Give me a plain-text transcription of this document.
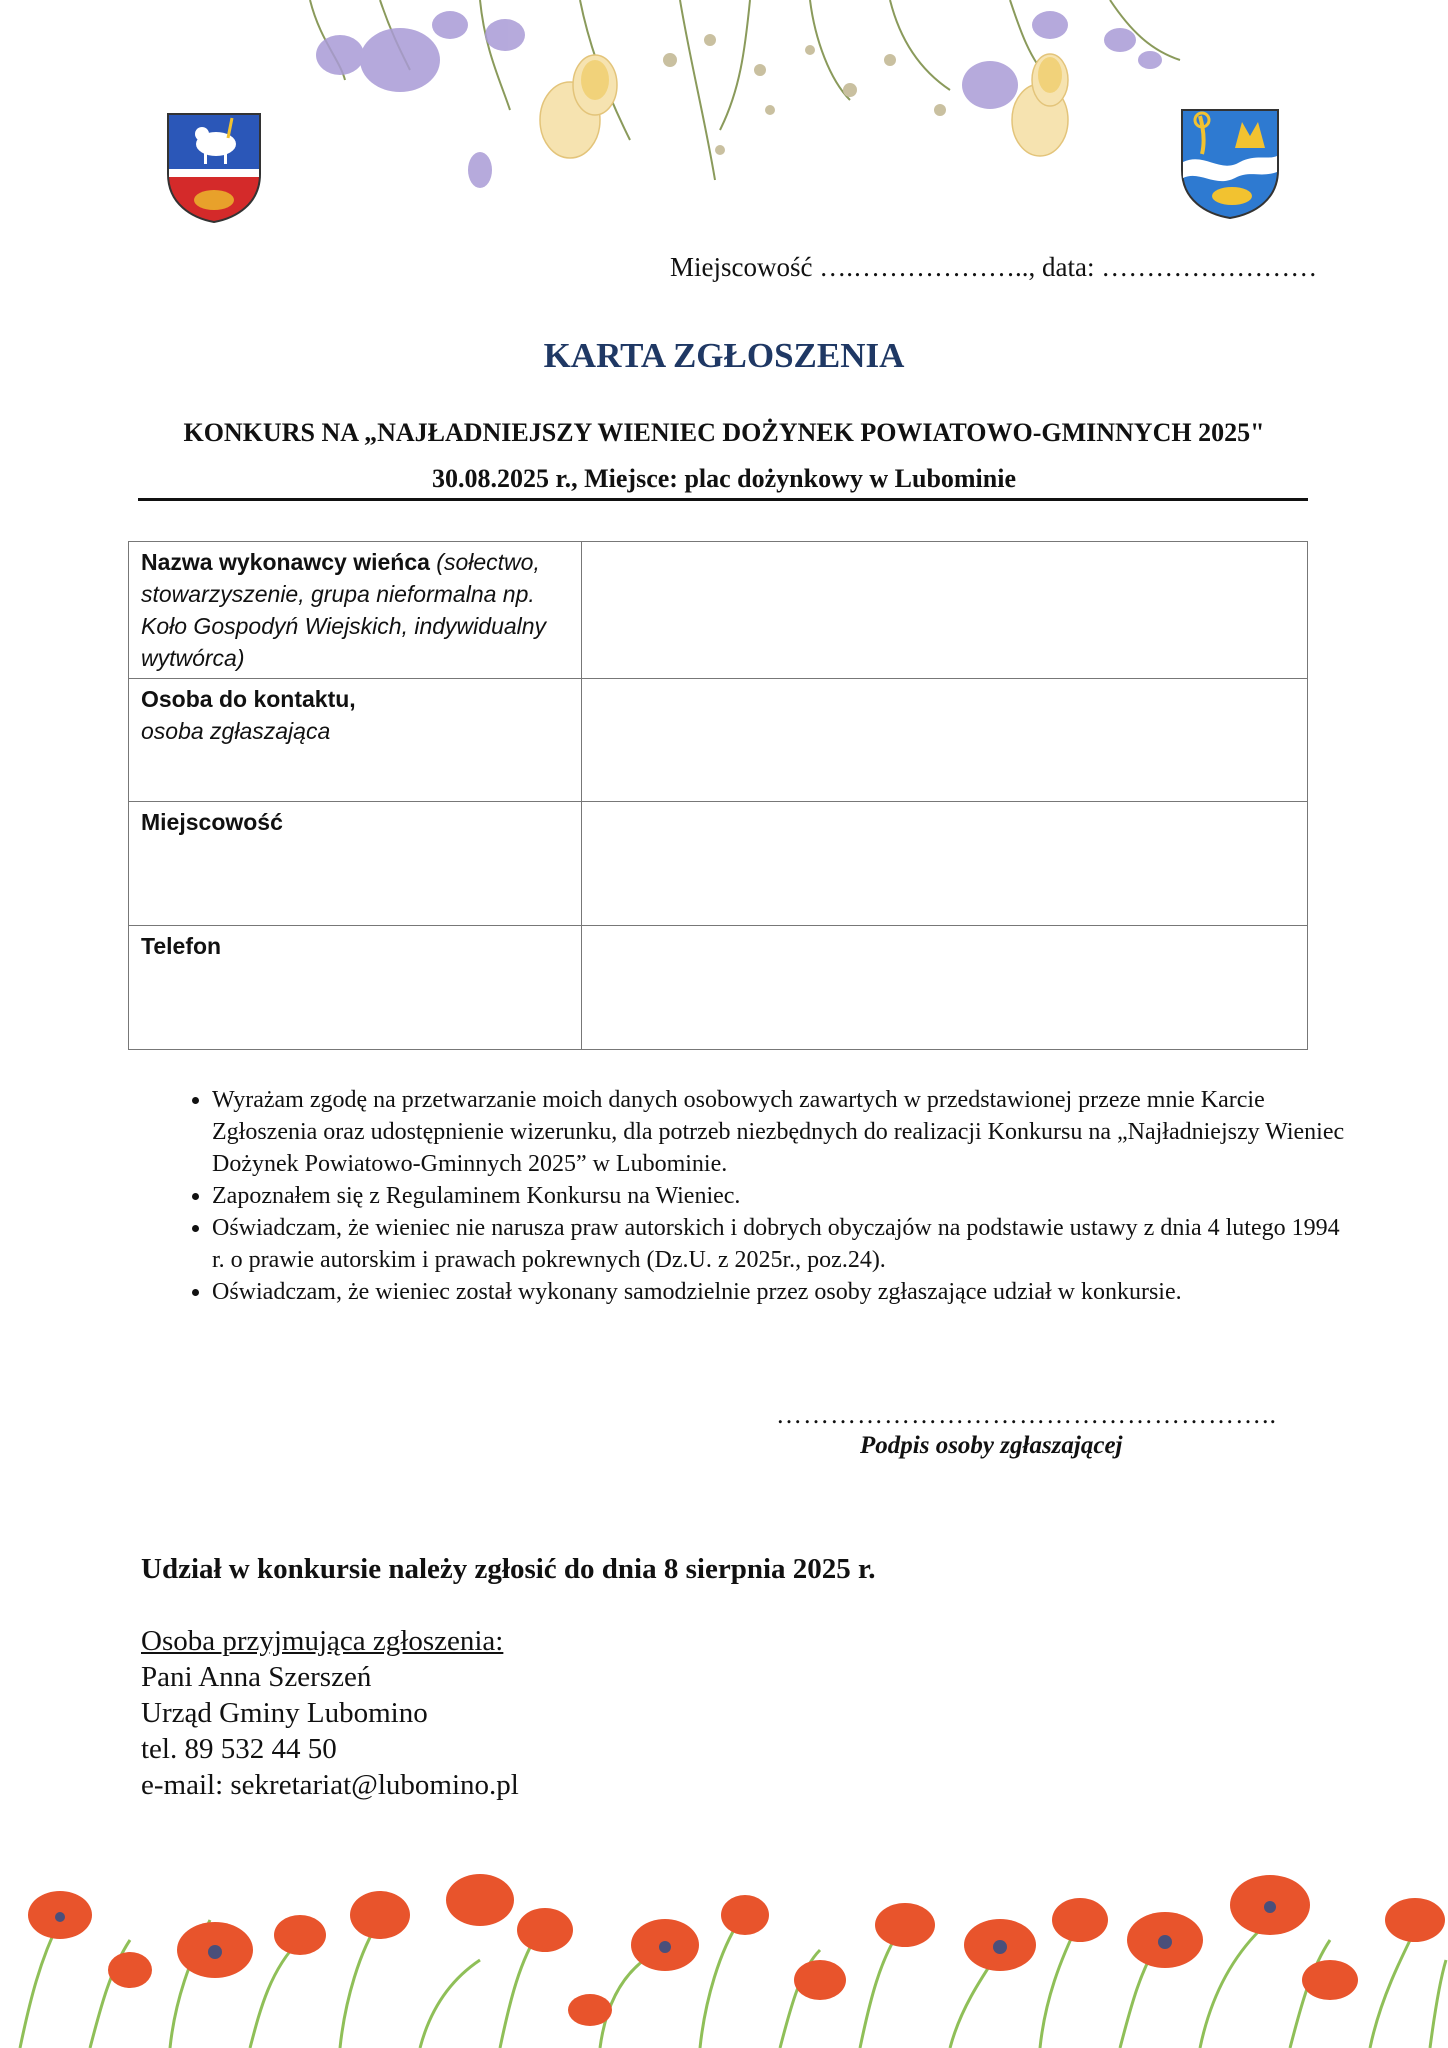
Miejscowość ….……………….., data: ……………………
KARTA ZGŁOSZENIA
KONKURS NA „NAJŁADNIEJSZY WIENIEC DOŻYNEK POWIATOWO-GMINNYCH 2025"
30.08.2025 r., Miejsce: plac dożynkowy w Lubominie
Nazwa wykonawcy wieńca (sołectwo, stowarzyszenie, grupa nieformalna np. Koło Gospodyń Wiejskich, indywidualny wytwórca)	

Osoba do kontaktu,
osoba zgłaszająca	

Miejscowość	

Telefon	

• Wyrażam zgodę na przetwarzanie moich danych osobowych zawartych w przedstawionej przeze mnie Karcie Zgłoszenia oraz udostępnienie wizerunku, dla potrzeb niezbędnych do realizacji Konkursu na „Najładniejszy Wieniec Dożynek Powiatowo-Gminnych 2025” w Lubominie.
• Zapoznałem się z Regulaminem Konkursu na Wieniec.
• Oświadczam, że wieniec nie narusza praw autorskich i dobrych obyczajów na podstawie ustawy z dnia 4 lutego 1994 r. o prawie autorskim i prawach pokrewnych (Dz.U. z 2025r., poz.24).
• Oświadczam, że wieniec został wykonany samodzielnie przez osoby zgłaszające udział w konkursie.
………………………………………………..
Podpis osoby zgłaszającej
Udział w konkursie należy zgłosić do dnia 8 sierpnia 2025 r.
Osoba przyjmująca zgłoszenia:
Pani Anna Szerszeń
Urząd Gminy Lubomino
tel. 89 532 44 50
e-mail: sekretariat@lubomino.pl
